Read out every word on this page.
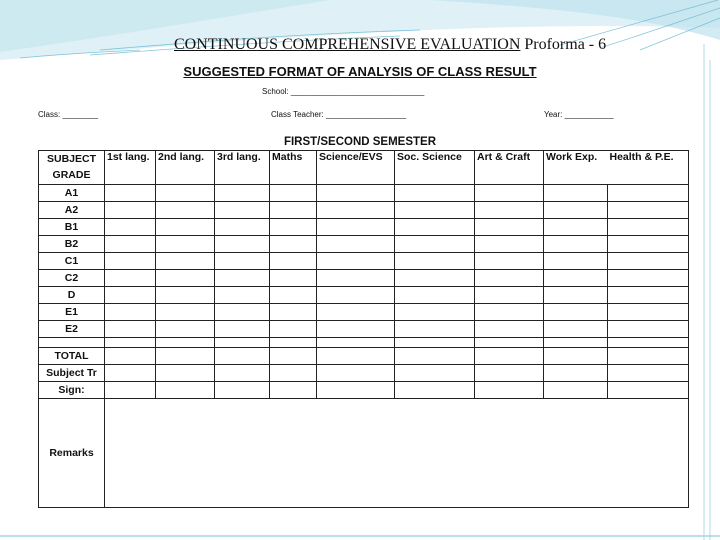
CONTINUOUS COMPREHENSIVE EVALUATION Proforma - 6
SUGGESTED FORMAT OF ANALYSIS OF CLASS RESULT
School: ______________________________
Class: ________	Class Teacher: __________________	Year: ___________
FIRST/SECOND SEMESTER
SUBJECT
GRADE	1st lang.	2nd lang.	3rd lang.	Maths	Science/EVS	Soc. Science	Art & Craft	Work Exp.	Health & P.E.
A1									
A2									
B1									
B2									
C1									
C2									
D									
E1									
E2									

TOTAL									
Subject Tr									
Sign:									
Remarks									
